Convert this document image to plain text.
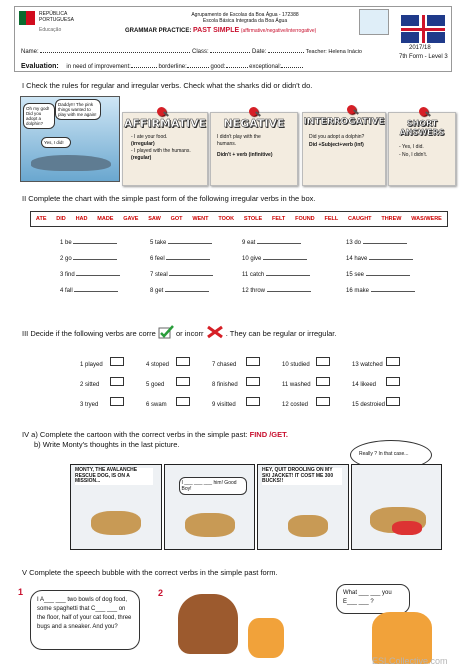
REPÚBLICA PORTUGUESA
Educação
Agrupamento de Escolas da Boa Água - 172388
Escola Básica Integrada da Boa Água
GRAMMAR PRACTICE: PAST SIMPLE (affirmative/negative/interrogative)
2017/18
7th Form - Level 3
Name:	Class:	Date:	Teacher: Helena Inácio
Evaluation: in need of improvement:	borderline:	good:	exceptional:
I Check the rules for regular and irregular verbs. Check what the sharks did or didn't do.
Oh my god! Did you adopt a dolphin?
Daddy!!! The pink things wanted to play with me again!
Yes, I did!
AFFIRMATIVE
- I ate your food.
(irregular)
- I played with the humans.
(regular)
NEGATIVE
I didn't play with the
humans.
Didn't + verb (infinitive)
INTERROGATIVE
Did you adopt a dolphin?
Did +Subject+verb (inf)
SHORT ANSWERS
- Yes, I did.
- No, I didn't.
II Complete the chart with the simple past form of the following irregular verbs in the box.
ATE DID HAD MADE GAVE SAW GOT WENT TOOK STOLE FELT FOUND FELL CAUGHT THREW WAS/WERE
1 be	5 take	9 eat	13 do
2 go	6 feel	10 give	14 have
3 find	7 steal	11 catch	15 see
4 fall	8 get	12 throw	16 make
III Decide if the following verbs are corre	or incorr	. They can be regular or irregular.
1 played	4 stoped	7 chased	10 studied	13 watched
2 sitted	5 goed	8 finished	11 washed	14 likeed
3 tryed	6 swam	9 visitted	12 costed	15 destroied
IV a) Complete the cartoon with the correct verbs in the simple past: FIND /GET.
b) Write Monty's thoughts in the last picture.
Really ? In that case...
MONTY, THE AVALANCHE RESCUE DOG, IS ON A MISSION...	I ___ ___ ___ him! Good Boy!
HEY, QUIT DROOLING ON MY SKI JACKET! IT COST ME 300 BUCKS!!
V Complete the speech bubble with the correct verbs in the simple past form.
1
I A___ ___ two bowls of dog food, some spaghetti that C___ ___ on the floor, half of your cat food, three bugs and a sneaker. And you?
2	What ___ ___ you E___ ___ ?
ESLCollective.com
